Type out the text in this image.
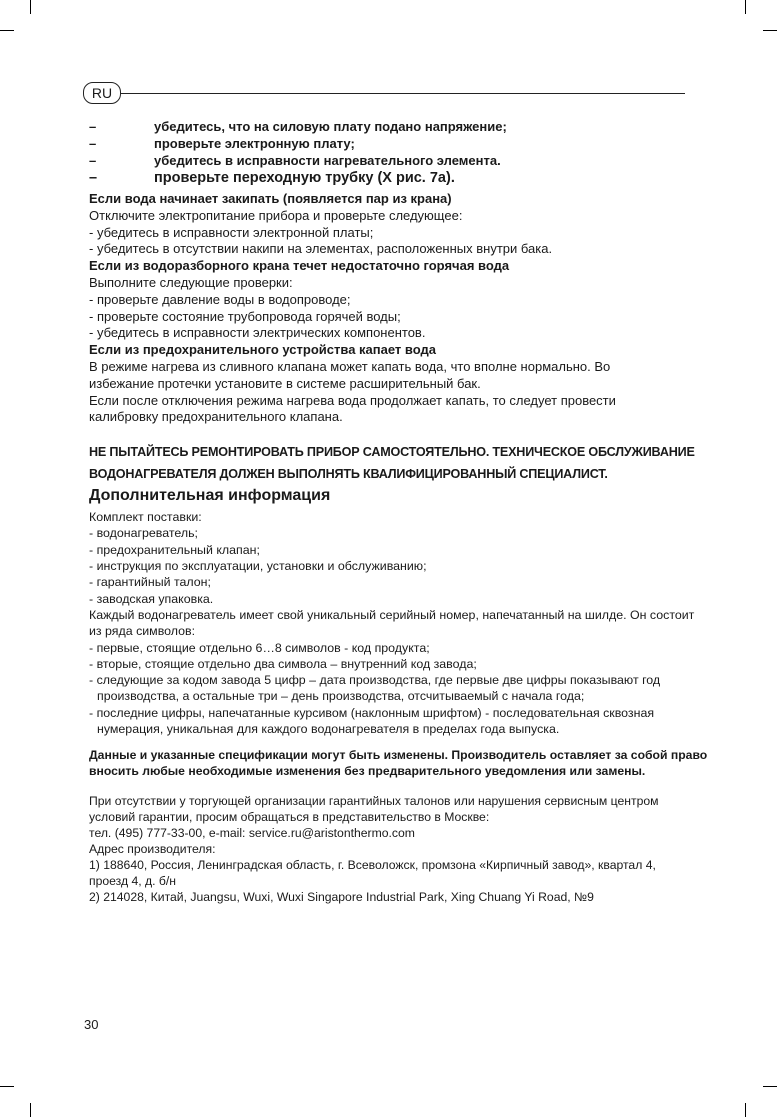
RU
–	убедитесь, что на силовую плату подано напряжение;
–	проверьте электронную плату;
–	убедитесь в исправности нагревательного элемента.
–	проверьте переходную трубку (Х рис. 7а).
Если вода начинает закипать (появляется пар из крана)
Отключите электропитание прибора и проверьте следующее:
- убедитесь в исправности электронной платы;
- убедитесь в отсутствии накипи на элементах, расположенных внутри бака.
Если из водоразборного крана течет недостаточно горячая вода
Выполните следующие проверки:
- проверьте давление воды в водопроводе;
- проверьте состояние трубопровода горячей воды;
- убедитесь в исправности электрических компонентов.
Если из предохранительного устройства капает вода
В режиме нагрева из сливного клапана может капать вода, что вполне нормально. Во
избежание протечки установите в системе расширительный бак.
Если после отключения режима нагрева вода продолжает капать, то следует провести
калибровку предохранительного клапана.
НЕ ПЫТАЙТЕСЬ РЕМОНТИРОВАТЬ ПРИБОР САМОСТОЯТЕЛЬНО. ТЕХНИЧЕСКОЕ ОБСЛУЖИВАНИЕ
ВОДОНАГРЕВАТЕЛЯ ДОЛЖЕН ВЫПОЛНЯТЬ КВАЛИФИЦИРОВАННЫЙ СПЕЦИАЛИСТ.
Дополнительная информация
Комплект поставки:
- водонагреватель;
- предохранительный клапан;
- инструкция по эксплуатации, установки и обслуживанию;
- гарантийный талон;
- заводская упаковка.
Каждый водонагреватель имеет свой уникальный серийный номер, напечатанный на шилде. Он состоит
из ряда символов:
- первые, стоящие отдельно 6…8 символов - код продукта;
- вторые, стоящие отдельно два символа – внутренний код завода;
- следующие за кодом завода 5 цифр – дата производства, где первые две цифры показывают год
производства, а остальные три – день производства, отсчитываемый с начала года;
- последние цифры, напечатанные курсивом (наклонным шрифтом) - последовательная сквозная
нумерация, уникальная для каждого водонагревателя в пределах года выпуска.
Данные и указанные спецификации могут быть изменены. Производитель оставляет за собой право
вносить любые необходимые изменения без предварительного уведомления или замены.
При отсутствии у торгующей организации гарантийных талонов или нарушения сервисным центром
условий гарантии, просим обращаться в представительство в Москве:
тел. (495) 777-33-00, e-mail: service.ru@aristonthermo.com
Адрес производителя:
1) 188640, Россия, Ленинградская область, г. Всеволожск, промзона «Кирпичный завод», квартал 4,
проезд 4, д. б/н
2) 214028, Китай, Juangsu, Wuxi, Wuxi Singapore Industrial Park, Xing Chuang Yi Road, №9
30
